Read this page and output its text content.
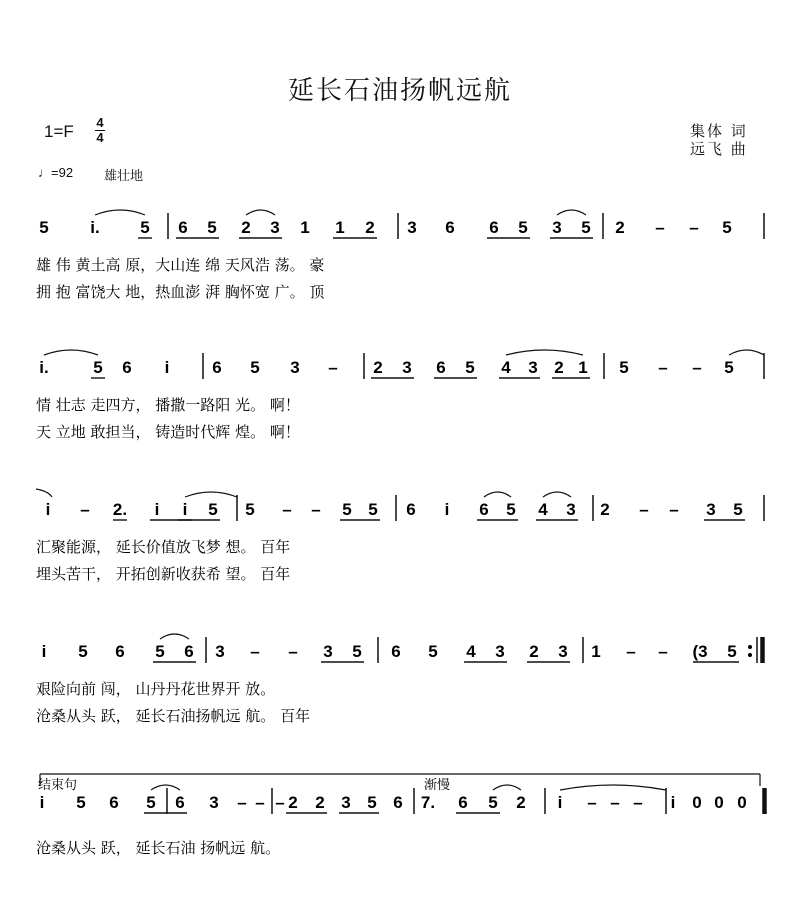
延长石油扬帆远航
1=F 4
4	集体 词
远飞 曲
♩=92 雄壮地
5 i. 5 6 5 2 3 1 1 2 3 6 6 5 3 5 2 – – 5
雄 伟 黄土高 原，大山连 绵 天风浩 荡。 豪
拥 抱 富饶大 地，热血澎 湃 胸怀宽 广。 顶
i.	5 6 i	6 5 3 – 2 3 6 5 4 3 2 1 5 – – 5
情 壮志 走四方， 播撒一路阳 光。 啊！
天 立地 敢担当， 铸造时代辉 煌。 啊！
i – 2. i i 5 5 – – 5 5 6 i 6 5 4 3 2 – – 3 5
汇聚能源， 延长价值放飞梦 想。 百年
埋头苦干， 开拓创新收获希 望。 百年
i 5 6 5 6 3 – – 3 5 6 5 4 3 2 3 1 – – (3 5
艰险向前 闯， 山丹丹花世界开 放。
沧桑从头 跃， 延长石油扬帆远 航。 百年
i 5 6 5 6 3 – – – 2 2 3 5 6 7. 6 5 2 i – – – i 0 0 0
结束句	渐慢
沧桑从头 跃， 延长石油 扬帆远 航。
